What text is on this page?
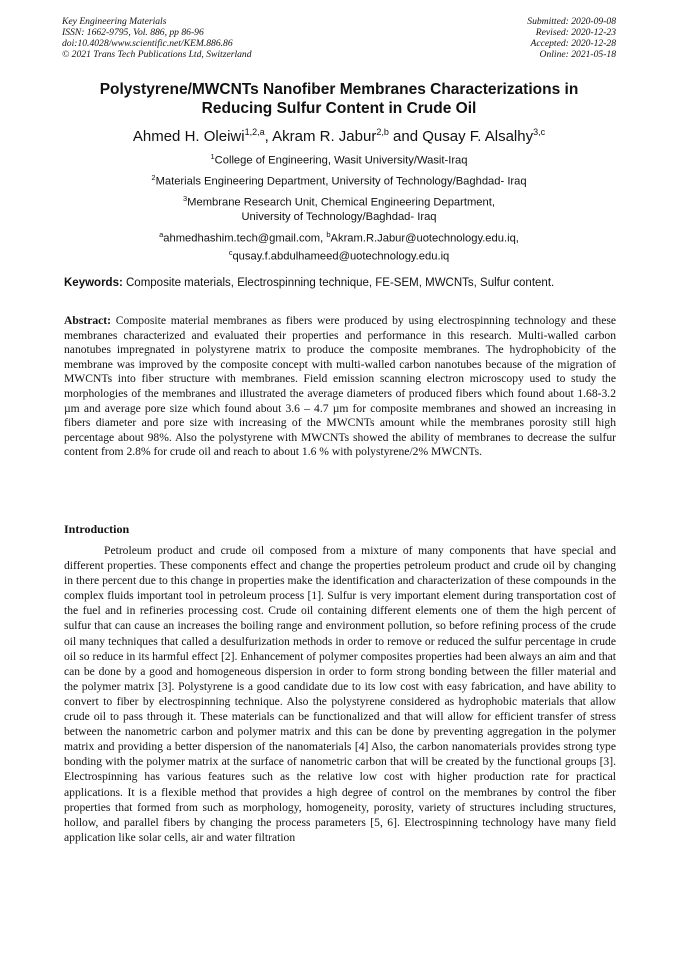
Key Engineering Materials
ISSN: 1662-9795, Vol. 886, pp 86-96
doi:10.4028/www.scientific.net/KEM.886.86
© 2021 Trans Tech Publications Ltd, Switzerland
Submitted: 2020-09-08
Revised: 2020-12-23
Accepted: 2020-12-28
Online: 2021-05-18
Polystyrene/MWCNTs Nanofiber Membranes Characterizations in
Reducing Sulfur Content in Crude Oil
Ahmed H. Oleiwi$^{1,2,a}$, Akram R. Jabur$^{2,b}$ and Qusay F. Alsalhy$^{3,c}$
$^1$College of Engineering, Wasit University/Wasit-Iraq
$^2$Materials Engineering Department, University of Technology/Baghdad- Iraq
$^3$Membrane Research Unit, Chemical Engineering Department,
University of Technology/Baghdad- Iraq
$^a$ahmedhashim.tech@gmail.com, $^b$Akram.R.Jabur@uotechnology.edu.iq,
$^c$qusay.f.abdulhameed@uotechnology.edu.iq
Keywords: Composite materials, Electrospinning technique, FE-SEM, MWCNTs, Sulfur content.
Abstract: Composite material membranes as fibers were produced by using electrospinning technology and these membranes characterized and evaluated their properties and performance in this research. Multi-walled carbon nanotubes impregnated in polystyrene matrix to produce the composite membranes. The hydrophobicity of the membrane was improved by the composite concept with multi-walled carbon nanotubes because of the migration of MWCNTs into fiber structure with membranes. Field emission scanning electron microscopy used to study the morphologies of the membranes and illustrated the average diameters of produced fibers which found about 1.68-3.2 µm and average pore size which found about 3.6 – 4.7 µm for composite membranes and showed an increasing in fibers diameter and pore size with increasing of the MWCNTs amount while the membranes porosity still high percentage about 98%. Also the polystyrene with MWCNTs showed the ability of membranes to decrease the sulfur content from 2.8% for crude oil and reach to about 1.6 % with polystyrene/2% MWCNTs.
Introduction
Petroleum product and crude oil composed from a mixture of many components that have special and different properties. These components effect and change the properties petroleum product and crude oil by changing in there percent due to this change in properties make the identification and characterization of these compounds in the complex fluids important tool in petroleum process [1]. Sulfur is very important element during transportation cost of the fuel and in refineries processing cost. Crude oil containing different elements one of them the high percent of sulfur that can cause an increases the boiling range and environment pollution, so before refining process of the crude oil many techniques that called a desulfurization methods in order to remove or reduced the sulfur percentage in crude oil so reduce in its harmful effect [2]. Enhancement of polymer composites properties had been always an aim and that can be done by a good and homogeneous dispersion in order to form strong bonding between the filler material and the polymer matrix [3]. Polystyrene is a good candidate due to its low cost with easy fabrication, and have ability to convert to fiber by electrospinning technique. Also the polystyrene considered as hydrophobic materials that allow crude oil to pass through it. These materials can be functionalized and that will allow for efficient transfer of stress between the nanometric carbon and polymer matrix and this can be done by preventing aggregation in the polymer matrix and providing a better dispersion of the nanomaterials [4] Also, the carbon nanomaterials provides strong type bonding with the polymer matrix at the surface of nanometric carbon that will be created by the functional groups [3]. Electrospinning has various features such as the relative low cost with higher production rate for practical applications. It is a flexible method that provides a high degree of control on the membranes by control the fiber properties that formed from such as morphology, homogeneity, porosity, variety of structures including structures, hollow, and parallel fibers by changing the process parameters [5, 6]. Electrospinning technology have many field application like solar cells, air and water filtration
